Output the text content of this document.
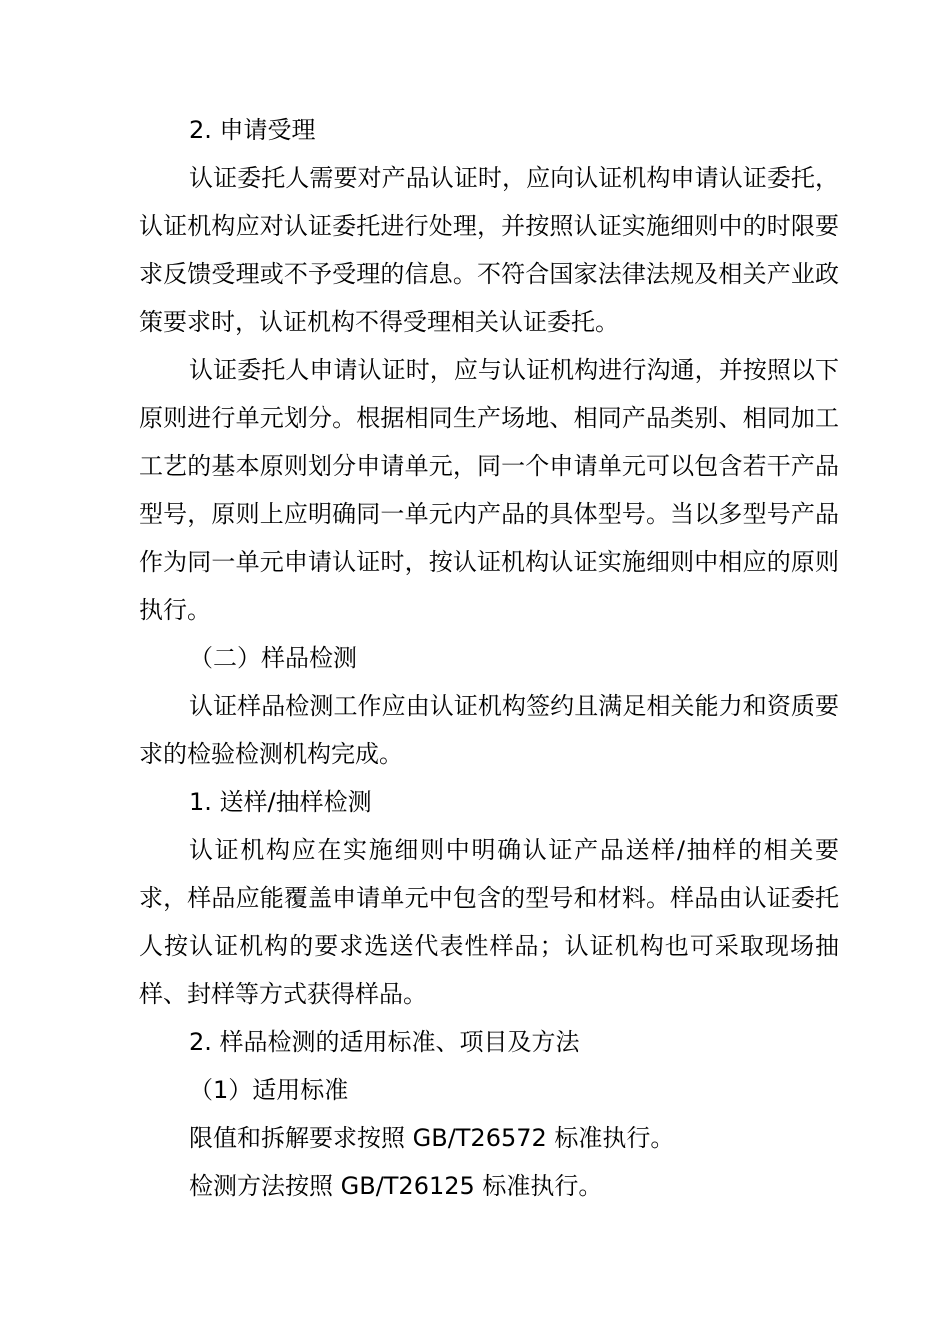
2. 申请受理

认证委托人需要对产品认证时，应向认证机构申请认证委托，认证机构应对认证委托进行处理，并按照认证实施细则中的时限要求反馈受理或不予受理的信息。不符合国家法律法规及相关产业政策要求时，认证机构不得受理相关认证委托。

认证委托人申请认证时，应与认证机构进行沟通，并按照以下原则进行单元划分。根据相同生产场地、相同产品类别、相同加工工艺的基本原则划分申请单元，同一个申请单元可以包含若干产品型号，原则上应明确同一单元内产品的具体型号。当以多型号产品作为同一单元申请认证时，按认证机构认证实施细则中相应的原则执行。

（二）样品检测

认证样品检测工作应由认证机构签约且满足相关能力和资质要求的检验检测机构完成。

1. 送样/抽样检测

认证机构应在实施细则中明确认证产品送样/抽样的相关要求，样品应能覆盖申请单元中包含的型号和材料。样品由认证委托人按认证机构的要求选送代表性样品；认证机构也可采取现场抽样、封样等方式获得样品。

2. 样品检测的适用标准、项目及方法

（1）适用标准

限值和拆解要求按照 GB/T26572 标准执行。

检测方法按照 GB/T26125 标准执行。
